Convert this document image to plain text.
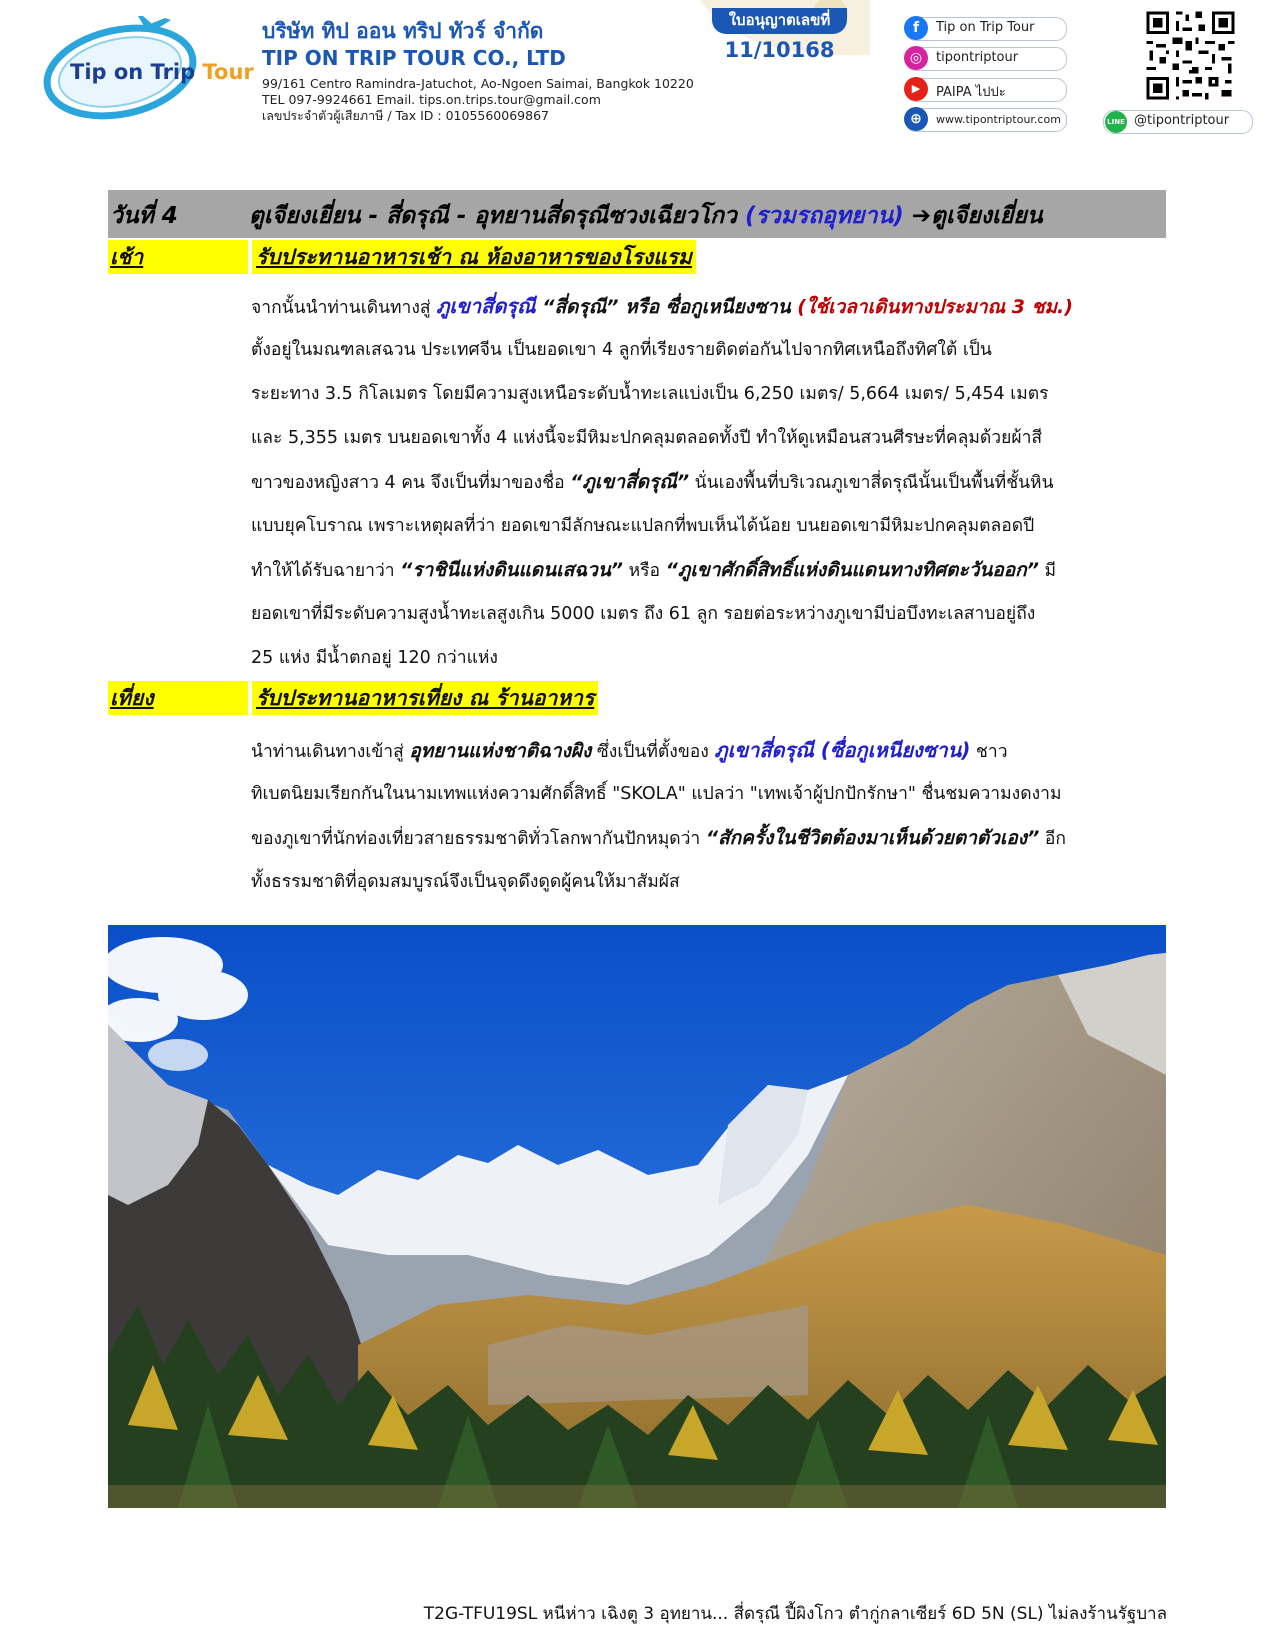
Tip on Trip Tour

บริษัท ทิป ออน ทริป ทัวร์ จำกัด

TIP ON TRIP TOUR CO., LTD

99/161 Centro Ramindra-Jatuchot, Ao-Ngoen Saimai, Bangkok 10220

TEL 097-9924661 Email. tips.on.trips.tour@gmail.com

เลขประจำตัวผู้เสียภาษี / Tax ID : 0105560069867

ใบอนุญาตเลขที่
11/10168
f	Tip on Trip Tour
◎	tipontriptour
▶	PAIPA ไปปะ
⊕	www.tipontriptour.com	LINE @tipontriptour
วันที่ 4	ตูเจียงเยี่ยน - สี่ดรุณี - อุทยานสี่ดรุณีซวงเฉียวโกว (รวมรถอุทยาน) ➔ตูเจียงเยี่ยน
เช้า	รับประทานอาหารเช้า ณ ห้องอาหารของโรงแรม
จากนั้นนำท่านเดินทางสู่ ภูเขาสี่ดรุณี “สี่ดรุณี” หรือ ซื่อกูเหนียงซาน (ใช้เวลาเดินทางประมาณ 3 ชม.)
ตั้งอยู่ในมณฑลเสฉวน ประเทศจีน เป็นยอดเขา 4 ลูกที่เรียงรายติดต่อกันไปจากทิศเหนือถึงทิศใต้ เป็น
ระยะทาง 3.5 กิโลเมตร โดยมีความสูงเหนือระดับน้ำทะเลแบ่งเป็น 6,250 เมตร/ 5,664 เมตร/ 5,454 เมตร
และ 5,355 เมตร บนยอดเขาทั้ง 4 แห่งนี้จะมีหิมะปกคลุมตลอดทั้งปี ทำให้ดูเหมือนสวนศีรษะที่คลุมด้วยผ้าสี
ขาวของหญิงสาว 4 คน จึงเป็นที่มาของชื่อ “ภูเขาสี่ดรุณี” นั่นเองพื้นที่บริเวณภูเขาสี่ดรุณีนั้นเป็นพื้นที่ชั้นหิน
แบบยุคโบราณ เพราะเหตุผลที่ว่า ยอดเขามีลักษณะแปลกที่พบเห็นได้น้อย บนยอดเขามีหิมะปกคลุมตลอดปี
ทำให้ได้รับฉายาว่า “ราชินีแห่งดินแดนเสฉวน” หรือ “ภูเขาศักดิ์สิทธิ์แห่งดินแดนทางทิศตะวันออก” มี
ยอดเขาที่มีระดับความสูงน้ำทะเลสูงเกิน 5000 เมตร ถึง 61 ลูก รอยต่อระหว่างภูเขามีบ่อบึงทะเลสาบอยู่ถึง
25 แห่ง มีน้ำตกอยู่ 120 กว่าแห่ง
เที่ยง	รับประทานอาหารเที่ยง ณ ร้านอาหาร
นำท่านเดินทางเข้าสู่ อุทยานแห่งชาติฉางผิง ซึ่งเป็นที่ตั้งของ ภูเขาสี่ดรุณี (ซื่อกูเหนียงซาน) ชาว
ทิเบตนิยมเรียกกันในนามเทพแห่งความศักดิ์สิทธิ์ "SKOLA" แปลว่า "เทพเจ้าผู้ปกปักรักษา" ชื่นชมความงดงาม
ของภูเขาที่นักท่องเที่ยวสายธรรมชาติทั่วโลกพากันปักหมุดว่า “สักครั้งในชีวิตต้องมาเห็นด้วยตาตัวเอง” อีก
ทั้งธรรมชาติที่อุดมสมบูรณ์จึงเป็นจุดดึงดูดผู้คนให้มาสัมผัส
T2G-TFU19SL หนีห่าว เฉิงตู 3 อุทยาน... สี่ดรุณี ปี้ผิงโกว ตำกู่กลาเซียร์ 6D 5N (SL) ไม่ลงร้านรัฐบาล
